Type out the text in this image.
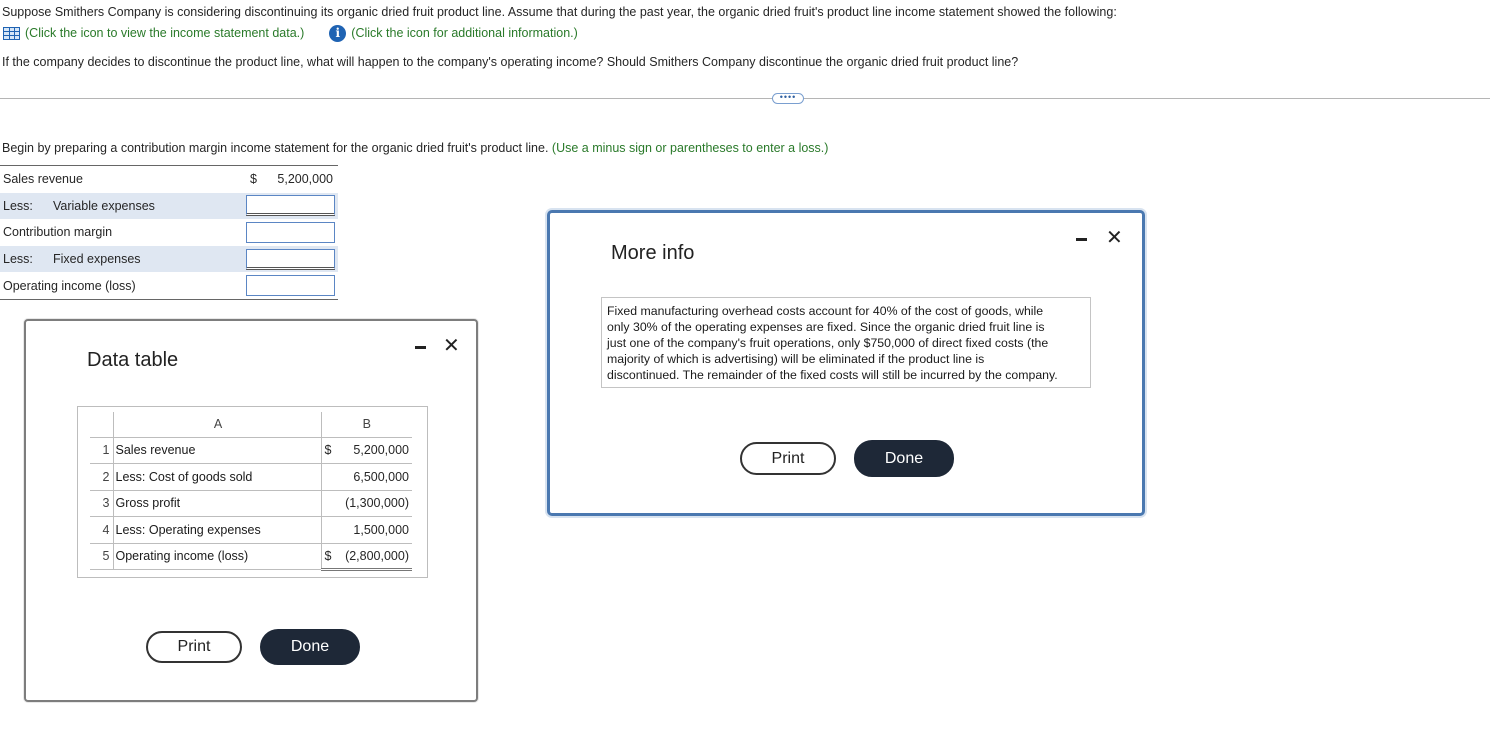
Suppose Smithers Company is considering discontinuing its organic dried fruit product line. Assume that during the past year, the organic dried fruit's product line income statement showed the following:
(Click the icon to view the income statement data.)	i (Click the icon for additional information.)
If the company decides to discontinue the product line, what will happen to the company's operating income? Should Smithers Company discontinue the organic dried fruit product line?
••••
Begin by preparing a contribution margin income statement for the organic dried fruit's product line. (Use a minus sign or parentheses to enter a loss.)
Sales revenue	$ 5,200,000
Less: Variable expenses
Contribution margin
Less: Fixed expenses
Operating income (loss)
Data table
✕
	A	B
1	Sales revenue	$ 5,200,000

2	Less: Cost of goods sold	6,500,000

3	Gross profit	(1,300,000)

4	Less: Operating expenses	1,500,000

5	Operating income (loss)	$ (2,800,000)
Print	Done
More info
✕
Fixed manufacturing overhead costs account for 40% of the cost of goods, while
only 30% of the operating expenses are fixed. Since the organic dried fruit line is
just one of the company's fruit operations, only $750,000 of direct fixed costs (the
majority of which is advertising) will be eliminated if the product line is
discontinued. The remainder of the fixed costs will still be incurred by the company.
Print	Done
